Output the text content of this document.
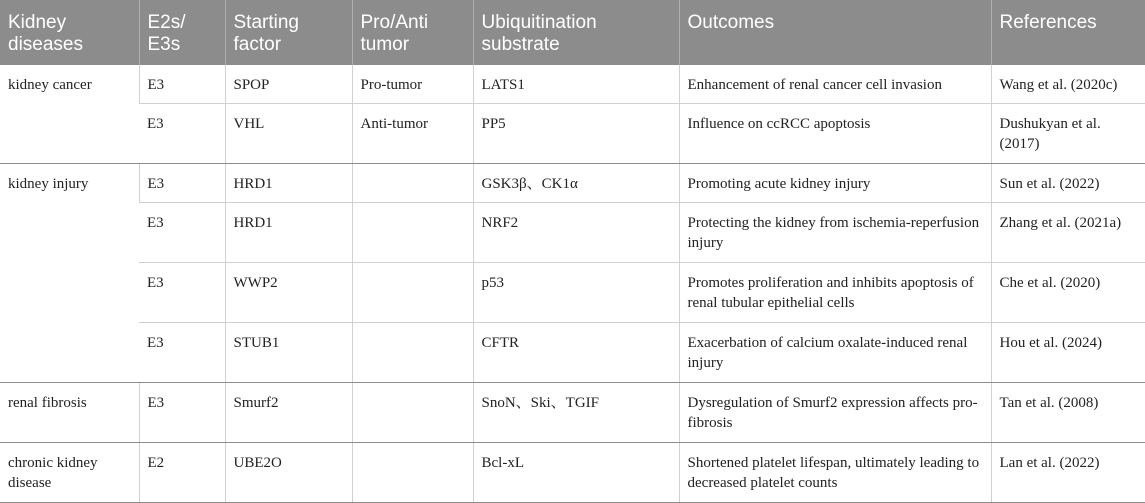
Kidney diseases	E2s/ E3s	Starting factor	Pro/Anti tumor	Ubiquitination substrate	Outcomes	References
kidney cancer	E3	SPOP	Pro-tumor	LATS1	Enhancement of renal cancer cell invasion	Wang et al. (2020c)
	E3	VHL	Anti-tumor	PP5	Influence on ccRCC apoptosis	Dushukyan et al. (2017)
kidney injury	E3	HRD1		GSK3β、CK1α	Promoting acute kidney injury	Sun et al. (2022)
	E3	HRD1		NRF2	Protecting the kidney from ischemia-reperfusion injury	Zhang et al. (2021a)
	E3	WWP2		p53	Promotes proliferation and inhibits apoptosis of renal tubular epithelial cells	Che et al. (2020)
	E3	STUB1		CFTR	Exacerbation of calcium oxalate-induced renal injury	Hou et al. (2024)
renal fibrosis	E3	Smurf2		SnoN、Ski、TGIF	Dysregulation of Smurf2 expression affects pro-fibrosis	Tan et al. (2008)
chronic kidney disease	E2	UBE2O		Bcl-xL	Shortened platelet lifespan, ultimately leading to decreased platelet counts	Lan et al. (2022)
